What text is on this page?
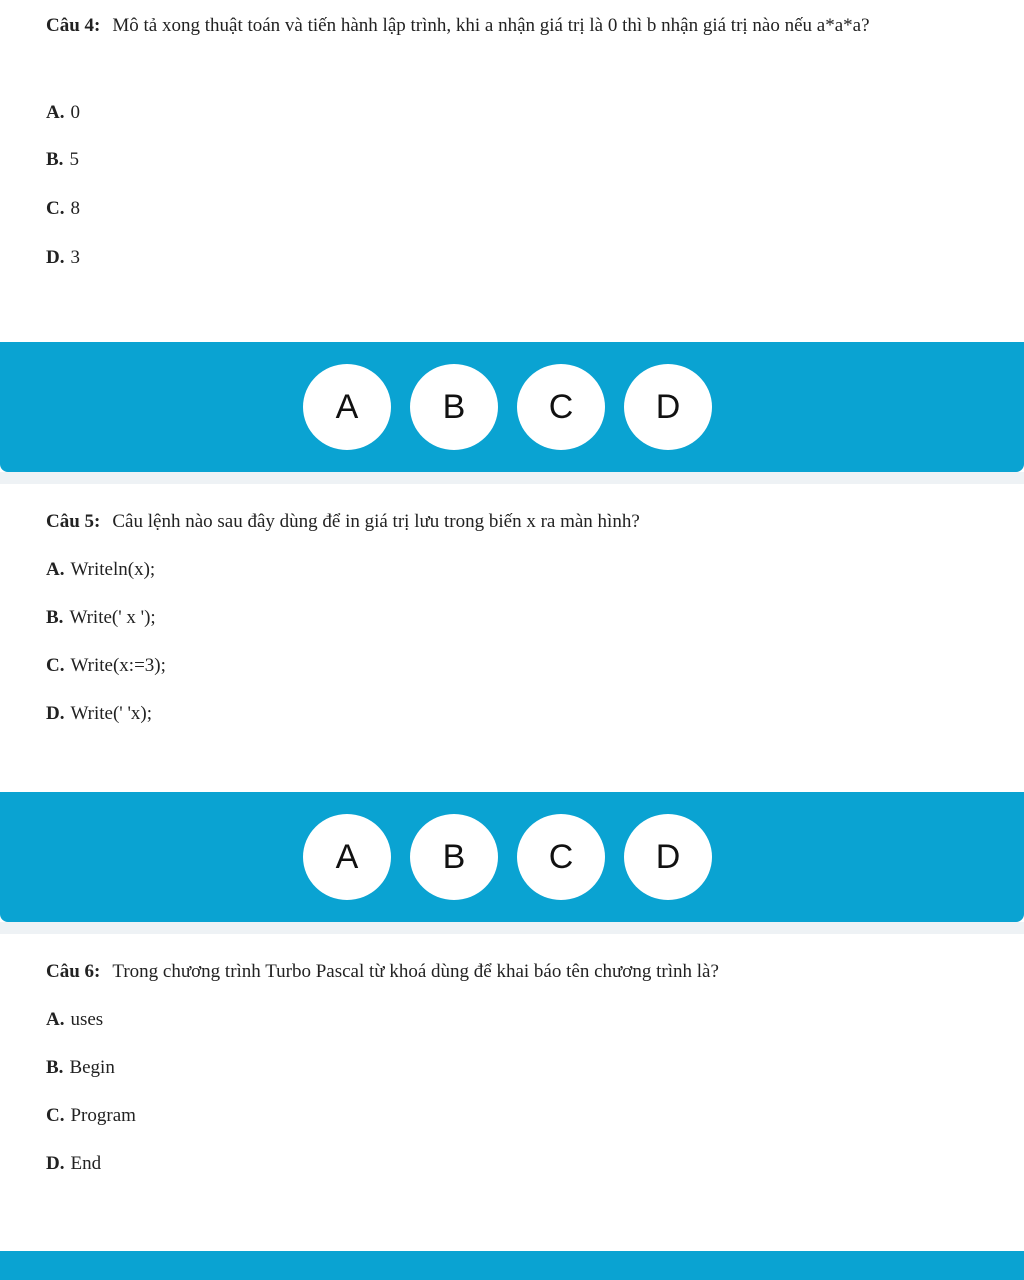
Câu 4: Mô tả xong thuật toán và tiến hành lập trình, khi a nhận giá trị là 0 thì b nhận giá trị nào nếu a*a*a?
A. 0
B. 5
C. 8
D. 3
A	B	C	D
Câu 5: Câu lệnh nào sau đây dùng để in giá trị lưu trong biến x ra màn hình?
A. Writeln(x);
B. Write(' x ');
C. Write(x:=3);
D. Write(' 'x);
A	B	C	D
Câu 6: Trong chương trình Turbo Pascal từ khoá dùng để khai báo tên chương trình là?
A. uses
B. Begin
C. Program
D. End
